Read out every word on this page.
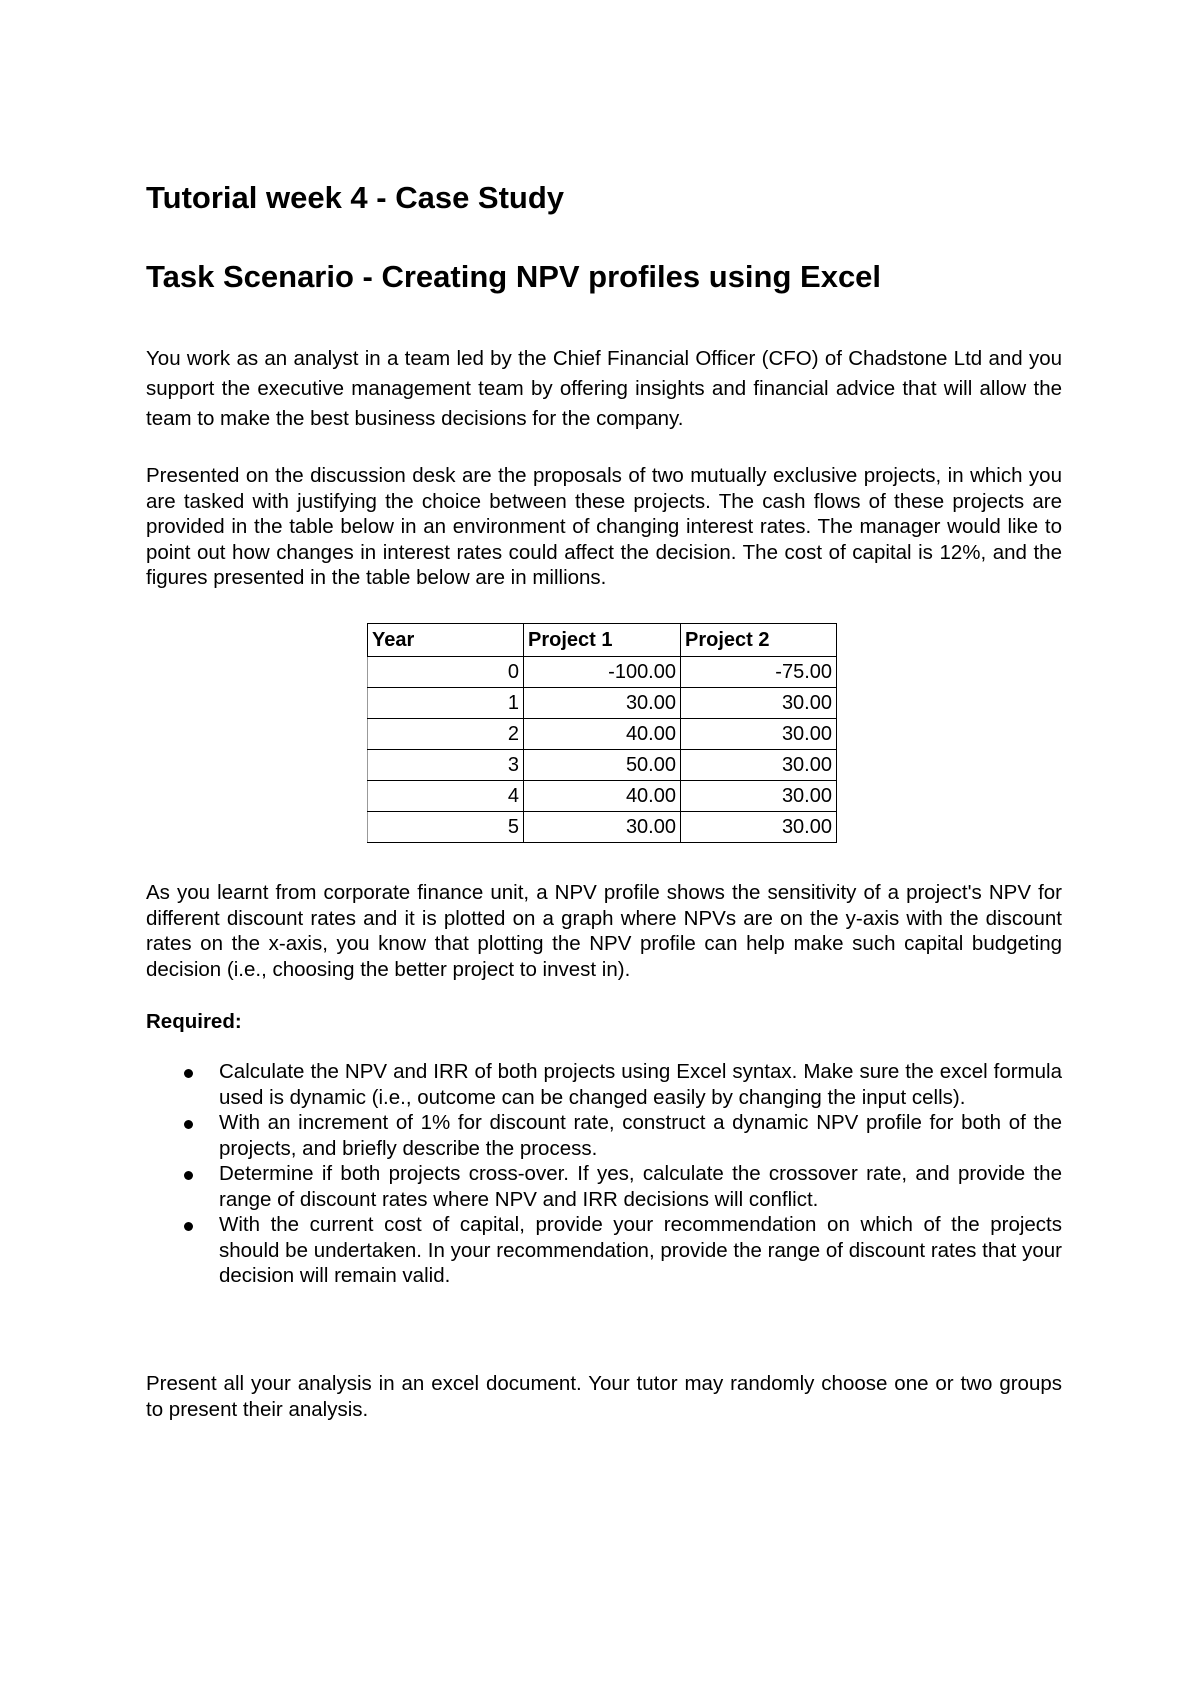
Tutorial week 4 - Case Study
Task Scenario - Creating NPV profiles using Excel

You work as an analyst in a team led by the Chief Financial Officer (CFO) of Chadstone Ltd and you support the executive management team by offering insights and financial advice that will allow the team to make the best business decisions for the company.

Presented on the discussion desk are the proposals of two mutually exclusive projects, in which you are tasked with justifying the choice between these projects. The cash flows of these projects are provided in the table below in an environment of changing interest rates. The manager would like to point out how changes in interest rates could affect the decision. The cost of capital is 12%, and the figures presented in the table below are in millions.

As you learnt from corporate finance unit, a NPV profile shows the sensitivity of a project's NPV for different discount rates and it is plotted on a graph where NPVs are on the y-axis with the discount rates on the x-axis, you know that plotting the NPV profile can help make such capital budgeting decision (i.e., choosing the better project to invest in).

Required:

Calculate the NPV and IRR of both projects using Excel syntax. Make sure the excel formula used is dynamic (i.e., outcome can be changed easily by changing the input cells).
With an increment of 1% for discount rate, construct a dynamic NPV profile for both of the projects, and briefly describe the process.
Determine if both projects cross-over. If yes, calculate the crossover rate, and provide the range of discount rates where NPV and IRR decisions will conflict.
With the current cost of capital, provide your recommendation on which of the projects should be undertaken. In your recommendation, provide the range of discount rates that your decision will remain valid.

Present all your analysis in an excel document. Your tutor may randomly choose one or two groups to present their analysis.

Year	Project 1	Project 2
0	-100.00	-75.00
1	30.00	30.00
2	40.00	30.00
3	50.00	30.00
4	40.00	30.00
5	30.00	30.00
